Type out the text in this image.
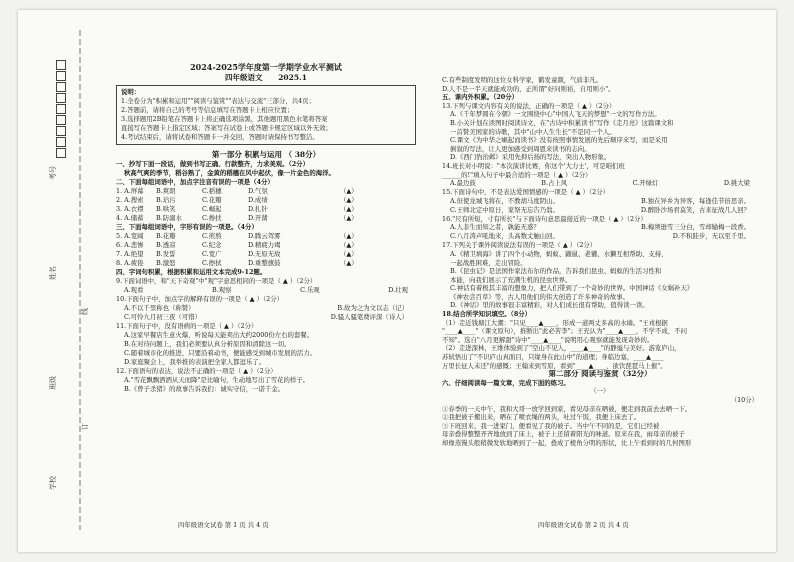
考号
姓名
线
班级
订
学校

2024-2025学年度第一学期学业水平测试

四年级语文 2025.1

说明：

1.全卷分为"积累和运用""阅读与鉴赏""表达与交流"三部分，共4页；

2.答题前，请将自己的考号等信息填写在答题卡上相应位置；

3.选择题用2B铅笔在答题卡上将正确选项涂黑，其他题用黑色水笔将答案

直接写在答题卡上指定区域；答案写在试卷上或答题卡规定区域以外无效；

4.考试结束后，请将试卷和答题卡一并交回，答题时请保持书写整洁。

第一部分 积累与运用 （ 38分）

一、抄写下面一段话，做到书写正确、行款整齐，力求美观。（2分）

秋高气爽的季节，稻谷熟了，金黄的稻穗在风中起伏，像一片金色的海洋。

二、下面每组词语中，加点字注音有误的一项是（4分）

1. A.屏幕	B.爽朗	C.稻穗	D.气氛	（▲）
2. A.搜索	B.玷污	C.花瓣	D.成绩	（▲）
3. A.衣襟	B.哄笑	C.崛起	D.扎针	（▲）
4. A.储蓄	B.防溺水	C.搀扶	D.开凿	（▲）

三、下面每组词语中，字形有误的一项是。（4分）

5. A.宽阔	B.花瓣	C.煎熬	D.腾云驾雾	（▲）
6. A.悲惨	B.透凉	C.纪念	D.精疲力竭	（▲）
7. A.绝望	B.发誓	C.宽广	D.无原无故	（▲）
8. A.疲倦	B.激怒	C.擦拭	D.重整旗鼓	（▲）

四、字词句积累，根据积累和运用文本完成9-12题。

9.下面词语中，和"天下奇观"中"观"字意思相同的一项是（ ▲ ）（2分）

A.观看	B.观察	C.乐观	D.壮观

10.下面句子中，加点字的解释有误的一项是（ ▲ ）（2分）

A.不以千里称也（称赞）	B.故为之为文以志（记）
C.可怜九月初三夜（可惜）	D.骚人骚笔费评深（诗人）

11.下面句子中，没有语病的一项是（ ▲ ）（2分）

A.这家早餐店生意火爆，听说每天能卖出大约2000份左右的套餐。

B.在对待问题上，我们必须要认真分析原因和清除这一切。

C.随着城市化的推进，只要沿着动书，便能感受到城市发展的活力。

D.家庭聚会上，我举推的表演把全家人都逗乐了。

12.下面语句的表达，说法不正确的一项是（ ▲ ）（2分）

A."雪花飘飘洒洒从天而降"是比喻句，生动地写出了雪花的样子。

B.《曾子杀猪》的故事告诉我们：诚实守信，一诺千金。

C.有些制度发明的这位女科学家，鹤发童颜，气质非凡。

D.人不是一半天就能成功的，正所谓"好问则裕，自用则小"。

五、课内外积累。（20分）

13.下列与课文内容有关的说法，正确的一项是（ ▲ ）（2分）

A.《千年梦圆在今朝》一文围绕中心"中国人飞天的梦想"一文的写作方法。

B.小关计划在读图时阅读诗文，在"古诗中积累读书"写作《走月亮》这篇课文和

一首赞美国家的诗歌，其中"山中人生生长"不是同一个人。

C.课文《为中华之崛起而读书》没有按照事情发展的先后顺序来写，而是采用

倒叙的写法，让人更加感受到周恩来读书的志向。

D.《西门豹治邺》采用先抑后扬的写法，突出人物形象。

14.班长对小明说："本次演讲比赛，你这个'大力士'，可是咱们班

______的!"填入句子中最合适的一项是（ ▲ ）（2分）

A.最边鼓	B.占上风	C.开绿灯	D.挑大梁

15.下面诗句中，不是表达爱国情感的一项是（ ▲ ）（2分）

A.但使龙城飞将在，不教胡马度阴山。	B.独在异乡为异客，每逢佳节倍思亲。
C.王师北定中原日，家祭无忘告乃翁。	D.醉卧沙场君莫笑，古来征战几人回？

16."尺有所短，寸有所长"与下面诗句意思最接近的一项是（ ▲ ）（2分）

A.人非生而知之者，孰能无惑？	B.梅须逊雪三分白，雪却输梅一段香。
C.八月涛声吼地来，头高数丈触山回。	D.不积跬步，无以至千里。

17.下列关于课外阅读说法有误的一项是（ ▲ ）（2分）

A.《精卫填海》讲了四个小动物，蚂蚁、鼹鼠、老獾、水獭互相帮助、支持，

一起战胜困难，走出冒险。

B.《昆虫记》是法国作家法布尔的作品，告诉我们昆虫、蚂蚁的生活习性和

本能，向我们展示了充满生机的昆虫世界。

C.神话有着极其丰富的想象力，把人们带到了一个奇妙的世界。中国神话《女娲补天》

《神农尝百草》等，古人用他们的伟大创造了许多神奇的故事。

D.《神话》里的故事很丰富精彩，对人们成长很有帮助，值得读一读。

18.结合所学知识填空。（8分）

（1）走近钱塘江大潮："只见____▲____，形成一道两丈多高的水墙。"王戎根据

"____▲____"（课文原句），推断出"此必苦李"；王充认为"____▲____，不学不成，不问

不知"。选自"八月更解甜"诗中"____▲____"说明用心观察就能发现奇妙的。

（2）走进深林，王维体验到了"空山不见人，____▲____"的静谧与美好。游览庐山，

苏轼悟出了"不识庐山真面目，只缘身在此山中"的道理；身临边塞，____▲____

万里长征人未还"的感慨；王翰来到雪原，看到"____▲____，欲饮琵琶马上催"。

第二部分 阅读与鉴赏（32分）

六、仔细阅读每一篇文章，完成下面的练习。

（一）

（10分）

①春季的一天中午，我和大哥一放学回到家，看见母亲在晒被，便走到我前去去晒一下。

②我把被子搬出来，晒在了喷衣绳的两头，吐过午饭，我便上床去了。

③下班回来，我一进家门，便看见了我的被子。当中午不同的是，它们已经被

母亲叠得整整齐齐地放到了床上，被子上还留着阳光的味道。原来在我，雨母亲的被子

却像蒸馒头般稍微发软地晒到了一起，叠成了棱角分明的形状，比上午看到时的几何图形

四年级语文试卷 第 1 页 共 4 页	四年级语文试卷 第 2 页 共 4 页
